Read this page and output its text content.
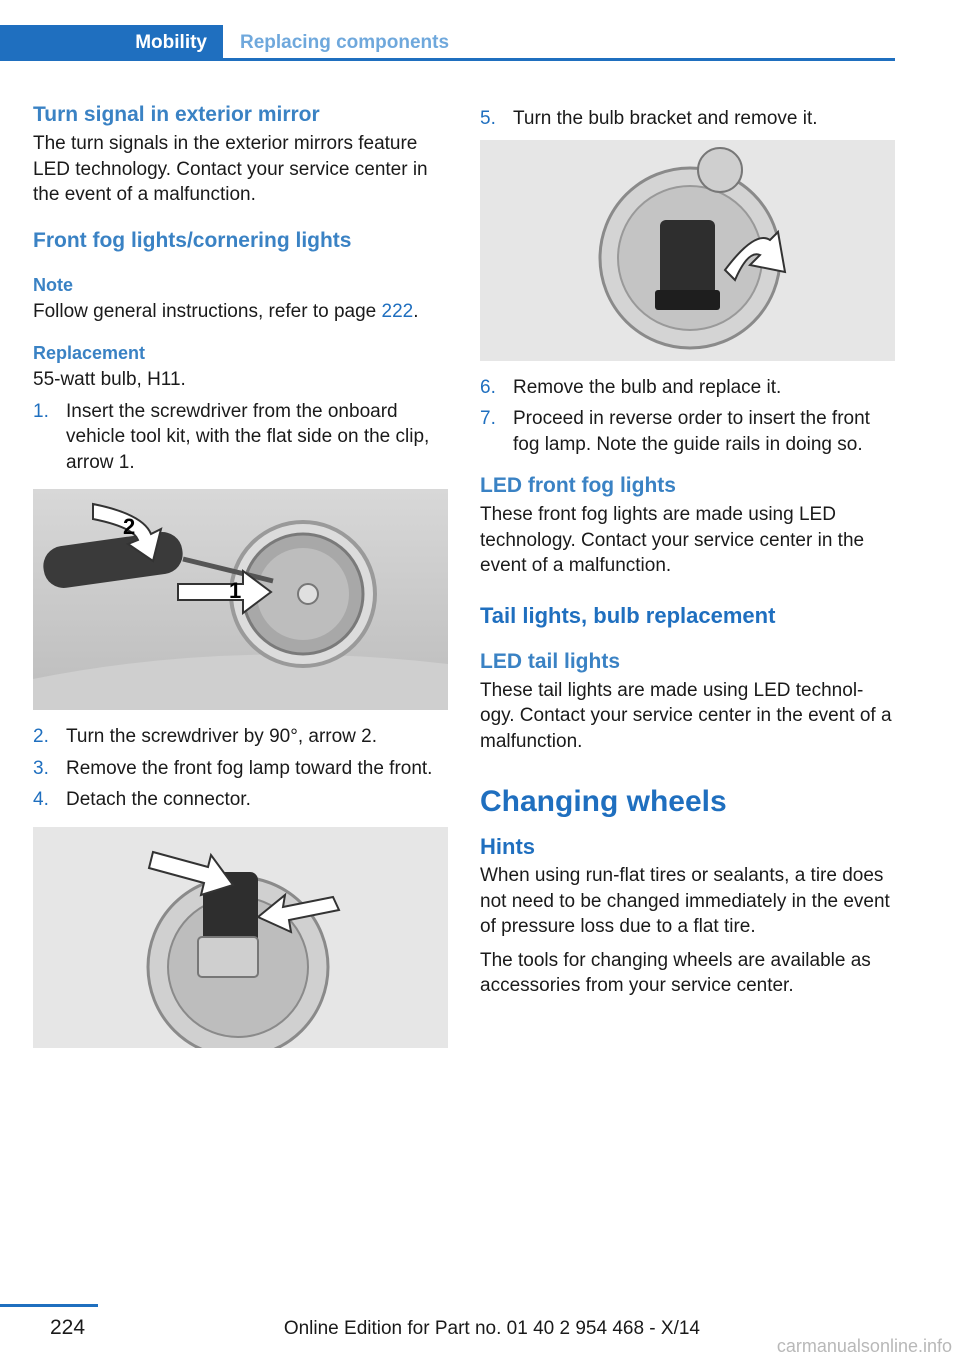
Mobility	Replacing components
Turn signal in exterior mirror

The turn signals in the exterior mirrors feature LED technology. Contact your service center in the event of a malfunction.

Front fog lights/cornering lights
Note

Follow general instructions, refer to page 222.

Replacement

55-watt bulb, H11.

1. Insert the screwdriver from the onboard vehicle tool kit, with the flat side on the clip, arrow 1.
1
2
2. Turn the screwdriver by 90°, arrow 2.
3. Remove the front fog lamp toward the front.
4. Detach the connector.
5. Turn the bulb bracket and remove it.
6. Remove the bulb and replace it.
7. Proceed in reverse order to insert the front fog lamp. Note the guide rails in doing so.
LED front fog lights

These front fog lights are made using LED technology. Contact your service center in the event of a malfunction.

Tail lights, bulb replacement
LED tail lights

These tail lights are made using LED technol‐ogy. Contact your service center in the event of a malfunction.

Changing wheels
Hints

When using run-flat tires or sealants, a tire does not need to be changed immediately in the event of pressure loss due to a flat tire.

The tools for changing wheels are available as accessories from your service center.

224	Online Edition for Part no. 01 40 2 954 468 - X/14
carmanualsonline.info
